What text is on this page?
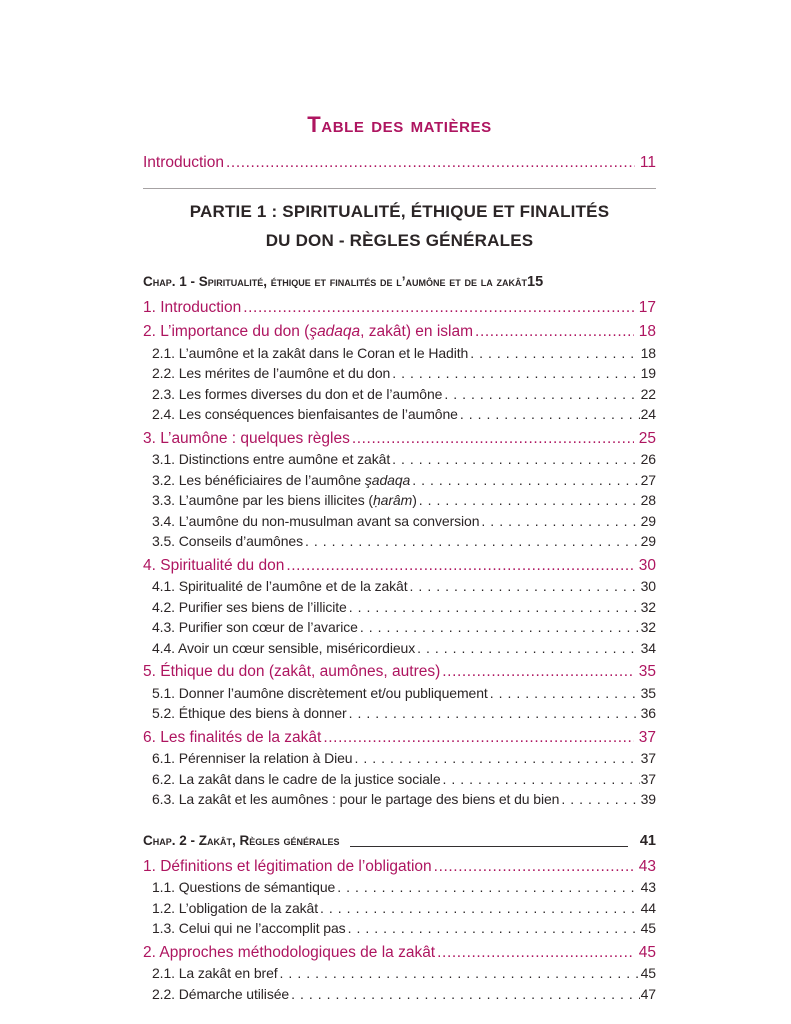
Table des matières
Introduction .....	11
PARTIE 1 : SPIRITUALITÉ, ÉTHIQUE ET FINALITÉS
DU DON - RÈGLES GÉNÉRALES
Chap. 1 - Spiritualité, éthique et finalités de l’aumône et de la zakât15
1. Introduction .....	17
2. L’importance du don (şadaqa, zakât) en islam .....	18
2.1. L’aumône et la zakât dans le Coran et le Hadith .....	18
2.2. Les mérites de l’aumône et du don .....	19
2.3. Les formes diverses du don et de l’aumône .....	22
2.4. Les conséquences bienfaisantes de l’aumône .....	24
3. L’aumône : quelques règles .....	25
3.1. Distinctions entre aumône et zakât .....	26
3.2. Les bénéficiaires de l’aumône şadaqa .....	27
3.3. L’aumône par les biens illicites (ḥarâm) .....	28
3.4. L’aumône du non-musulman avant sa conversion .....	29
3.5. Conseils d’aumônes .....	29
4. Spiritualité du don .....	30
4.1. Spiritualité de l’aumône et de la zakât .....	30
4.2. Purifier ses biens de l’illicite .....	32
4.3. Purifier son cœur de l’avarice .....	32
4.4. Avoir un cœur sensible, miséricordieux .....	34
5. Éthique du don (zakât, aumônes, autres) .....	35
5.1. Donner l’aumône discrètement et/ou publiquement .....	35
5.2. Éthique des biens à donner .....	36
6. Les finalités de la zakât .....	37
6.1. Pérenniser la relation à Dieu .....	37
6.2. La zakât dans le cadre de la justice sociale .....	37
6.3. La zakât et les aumônes : pour le partage des biens et du bien .....	39
Chap. 2 - Zakât, Règles générales	41
1. Définitions et légitimation de l’obligation .....	43
1.1. Questions de sémantique .....	43
1.2. L’obligation de la zakât .....	44
1.3. Celui qui ne l’accomplit pas .....	45
2. Approches méthodologiques de la zakât .....	45
2.1. La zakât en bref .....	45
2.2. Démarche utilisée .....	47
